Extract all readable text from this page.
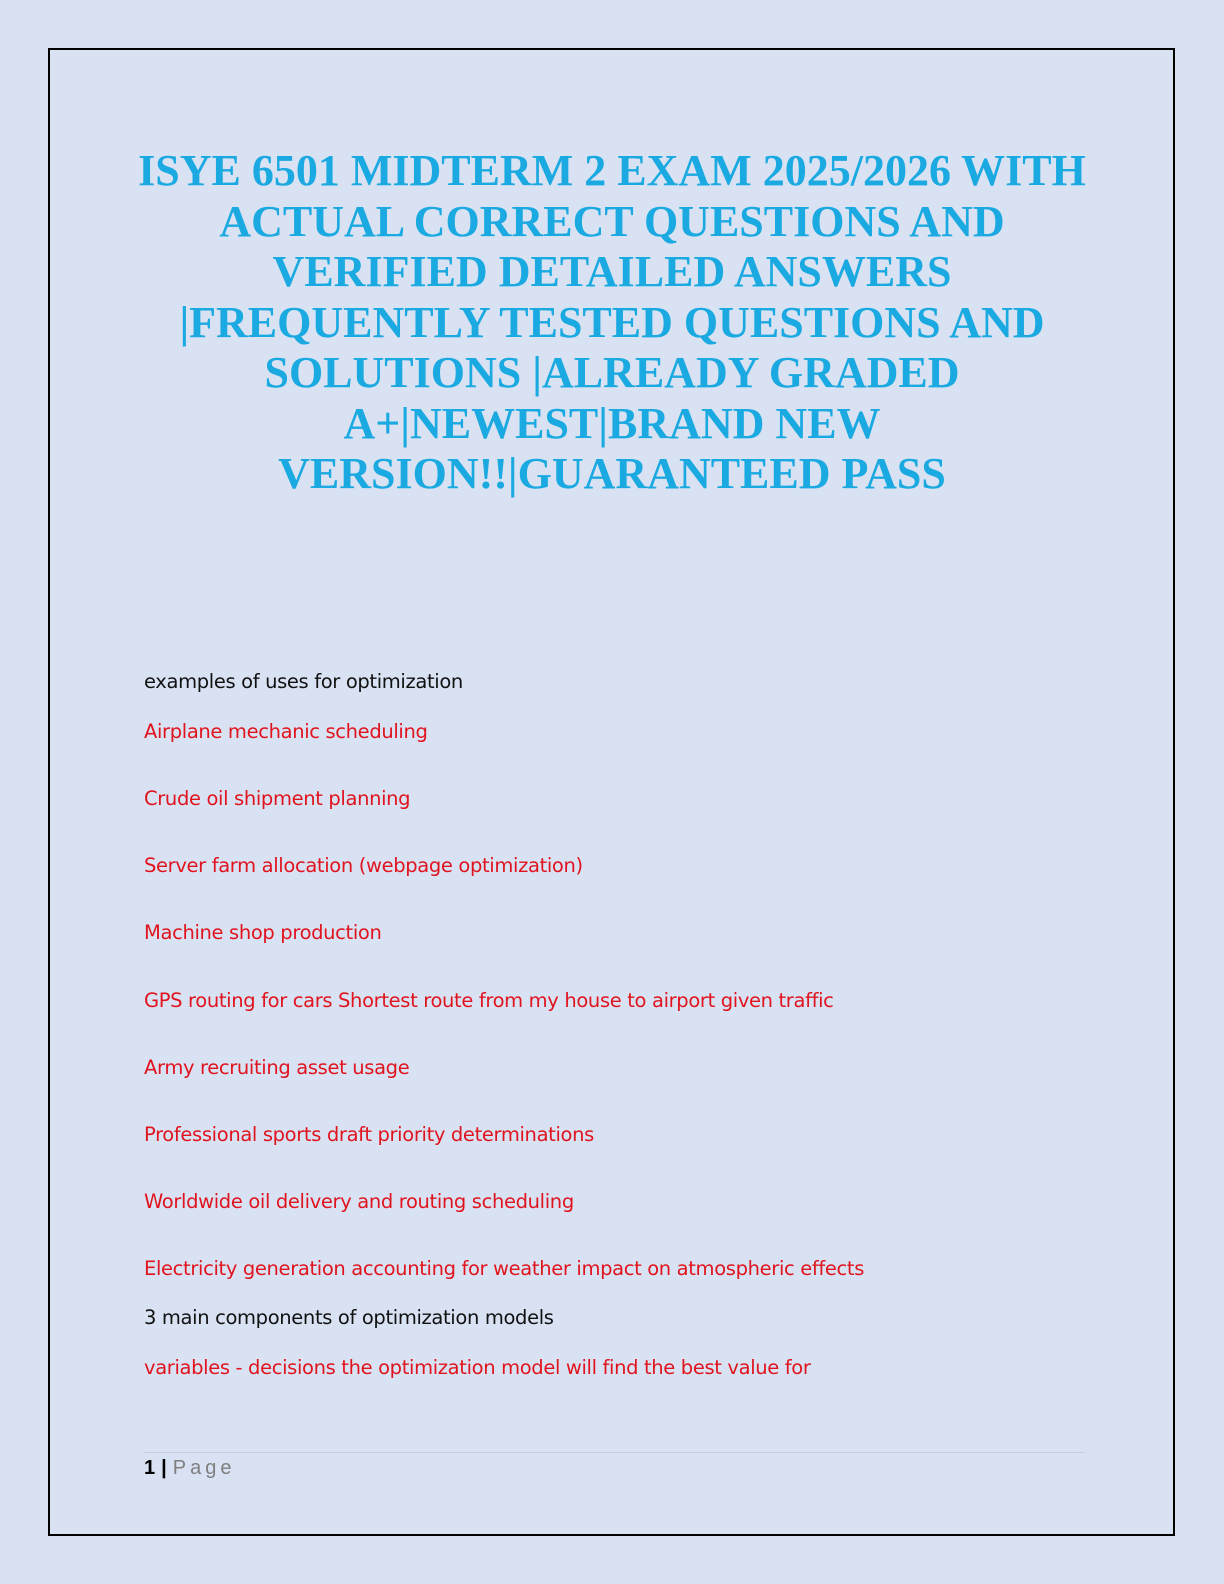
ISYE 6501 MIDTERM 2 EXAM 2025/2026 WITH
ACTUAL CORRECT QUESTIONS AND
VERIFIED DETAILED ANSWERS
|FREQUENTLY TESTED QUESTIONS AND
SOLUTIONS |ALREADY GRADED
A+|NEWEST|BRAND NEW
VERSION!!|GUARANTEED PASS
examples of uses for optimization
Airplane mechanic scheduling
Crude oil shipment planning
Server farm allocation (webpage optimization)
Machine shop production
GPS routing for cars Shortest route from my house to airport given traffic
Army recruiting asset usage
Professional sports draft priority determinations
Worldwide oil delivery and routing scheduling
Electricity generation accounting for weather impact on atmospheric effects
3 main components of optimization models
variables - decisions the optimization model will find the best value for
1 | Page
